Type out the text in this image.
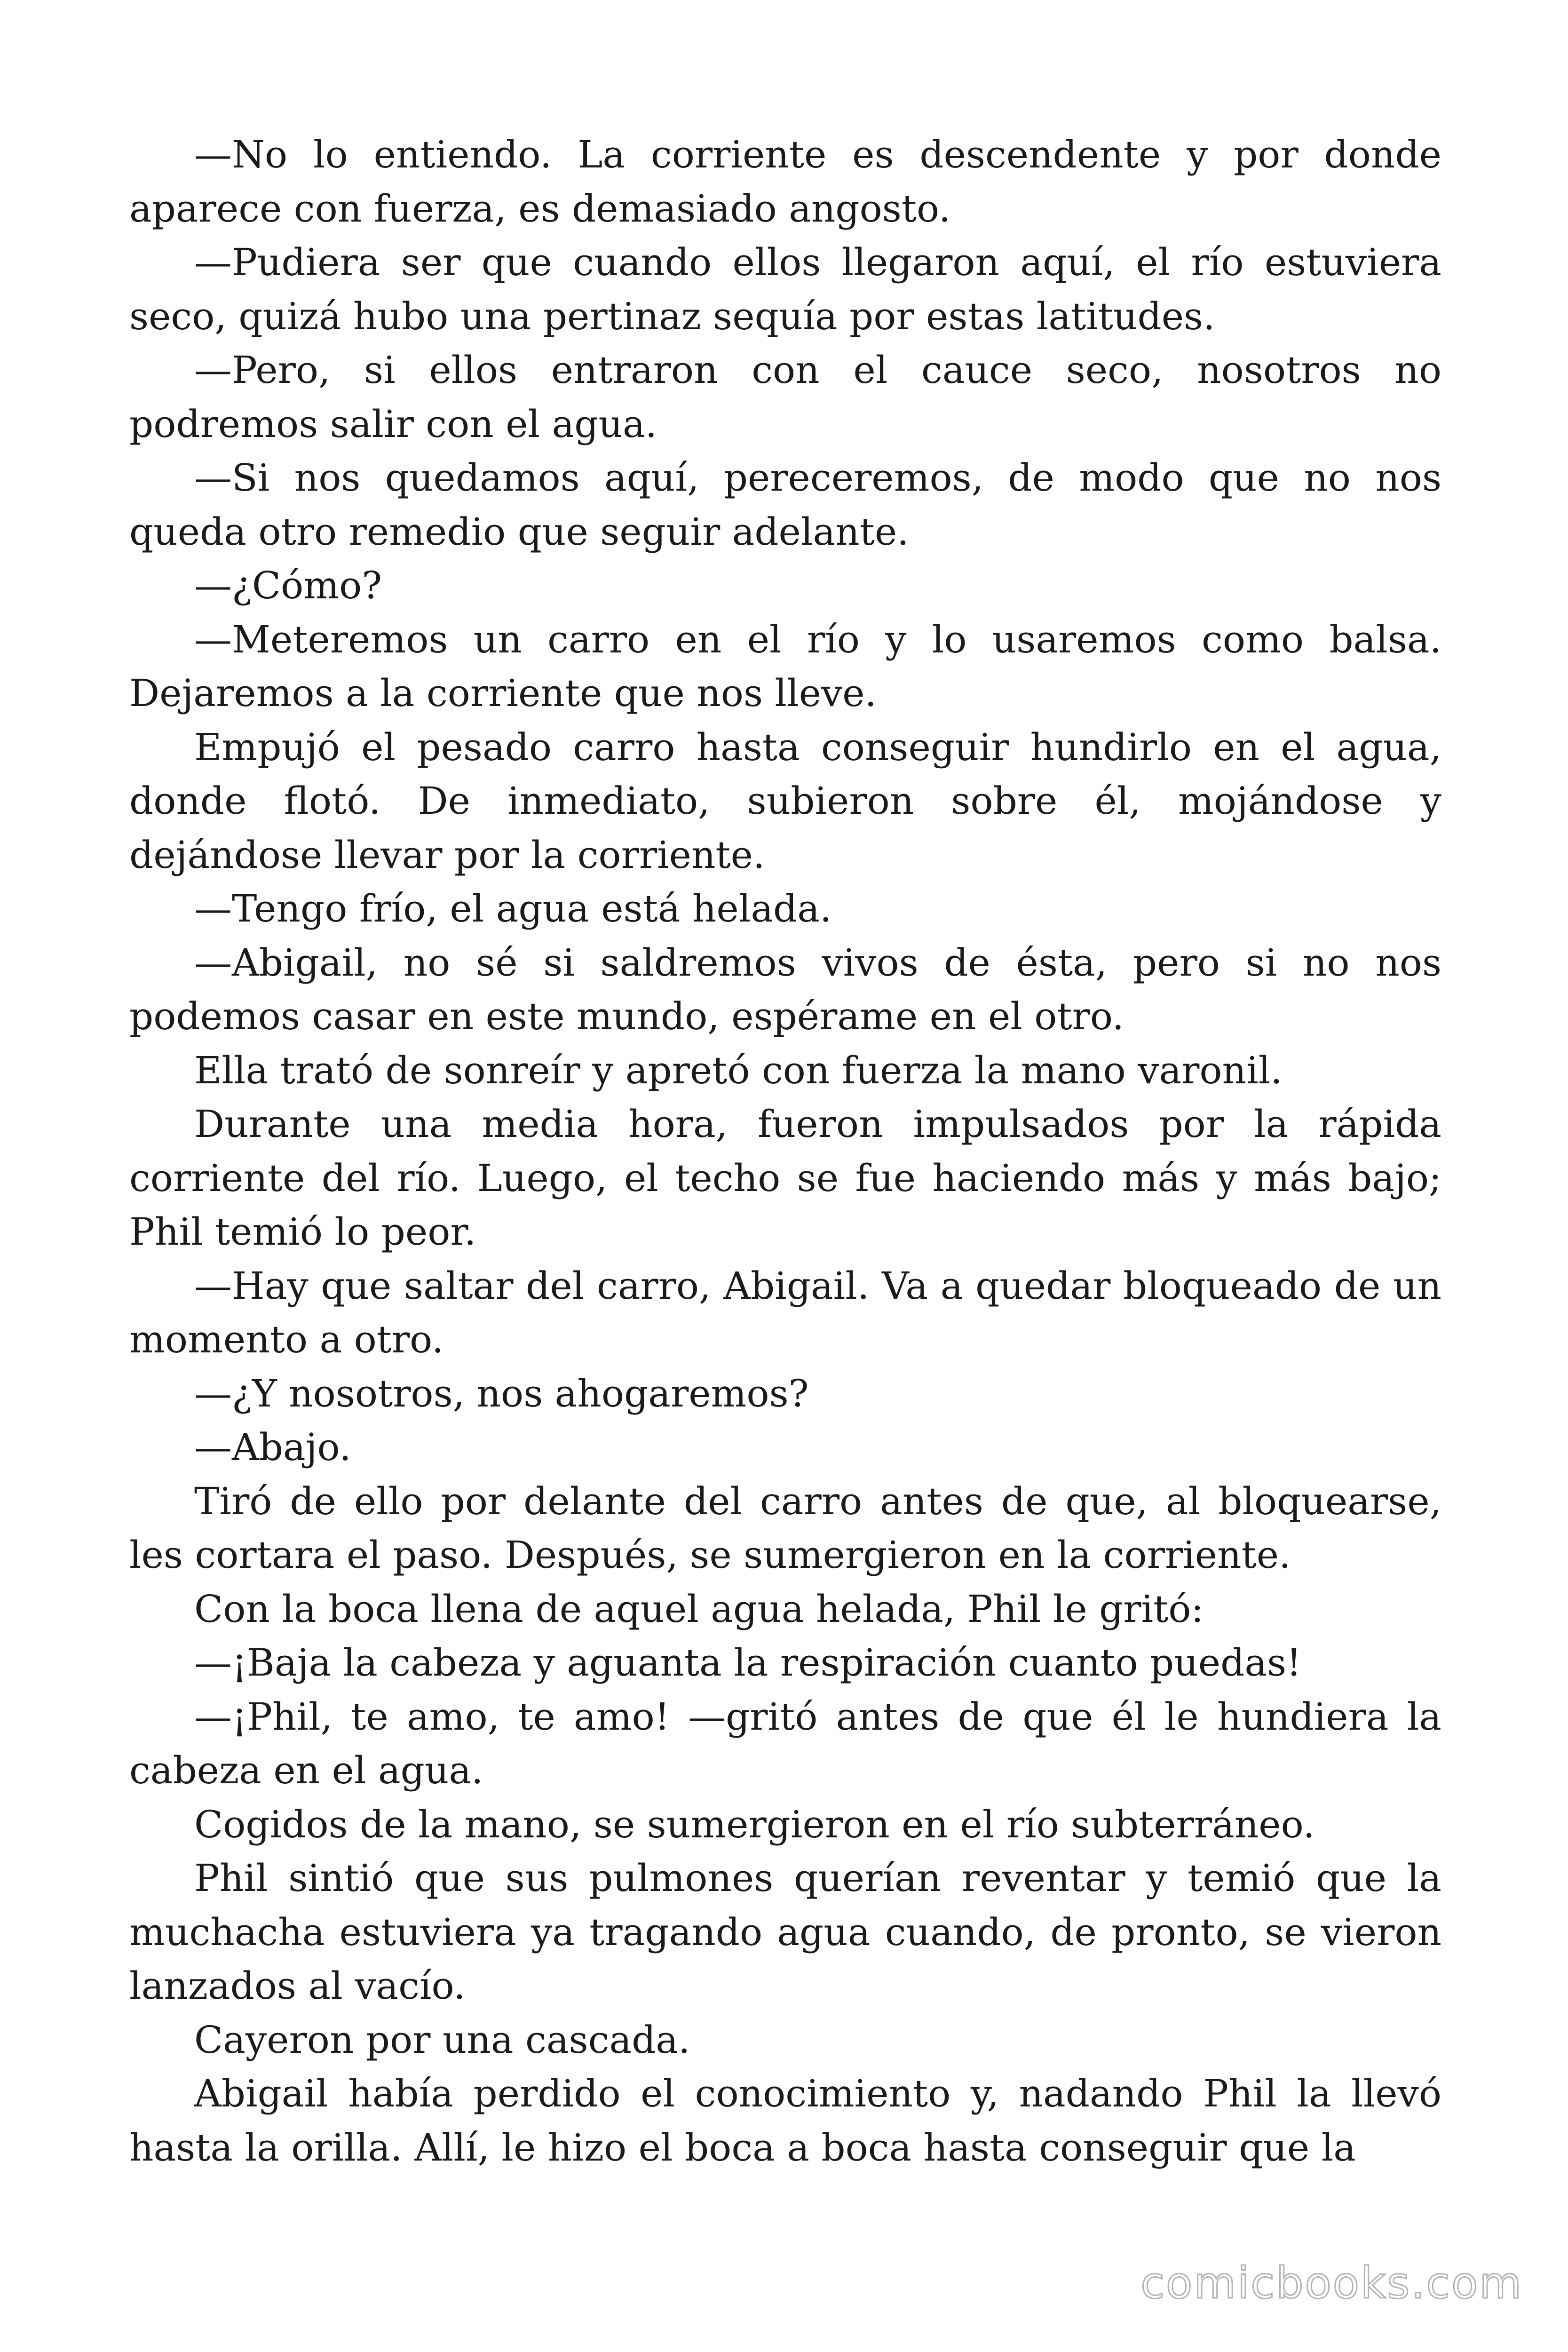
—No lo entiendo. La corriente es descendente y por donde aparece con fuerza, es demasiado angosto.

—Pudiera ser que cuando ellos llegaron aquí, el río estuviera seco, quizá hubo una pertinaz sequía por estas latitudes.

—Pero, si ellos entraron con el cauce seco, nosotros no podremos salir con el agua.

—Si nos quedamos aquí, pereceremos, de modo que no nos queda otro remedio que seguir adelante.

—¿Cómo?

—Meteremos un carro en el río y lo usaremos como balsa. Dejaremos a la corriente que nos lleve.

Empujó el pesado carro hasta conseguir hundirlo en el agua, donde flotó. De inmediato, subieron sobre él, mojándose y dejándose llevar por la corriente.

—Tengo frío, el agua está helada.

—Abigail, no sé si saldremos vivos de ésta, pero si no nos podemos casar en este mundo, espérame en el otro.

Ella trató de sonreír y apretó con fuerza la mano varonil.

Durante una media hora, fueron impulsados por la rápida corriente del río. Luego, el techo se fue haciendo más y más bajo; Phil temió lo peor.

—Hay que saltar del carro, Abigail. Va a quedar bloqueado de un momento a otro.

—¿Y nosotros, nos ahogaremos?

—Abajo.

Tiró de ello por delante del carro antes de que, al bloquearse, les cortara el paso. Después, se sumergieron en la corriente.

Con la boca llena de aquel agua helada, Phil le gritó:

—¡Baja la cabeza y aguanta la respiración cuanto puedas!

—¡Phil, te amo, te amo! —gritó antes de que él le hundiera la cabeza en el agua.

Cogidos de la mano, se sumergieron en el río subterráneo.

Phil sintió que sus pulmones querían reventar y temió que la muchacha estuviera ya tragando agua cuando, de pronto, se vieron lanzados al vacío.

Cayeron por una cascada.

Abigail había perdido el conocimiento y, nadando Phil la llevó hasta la orilla. Allí, le hizo el boca a boca hasta conseguir que la

comicbooks.com
